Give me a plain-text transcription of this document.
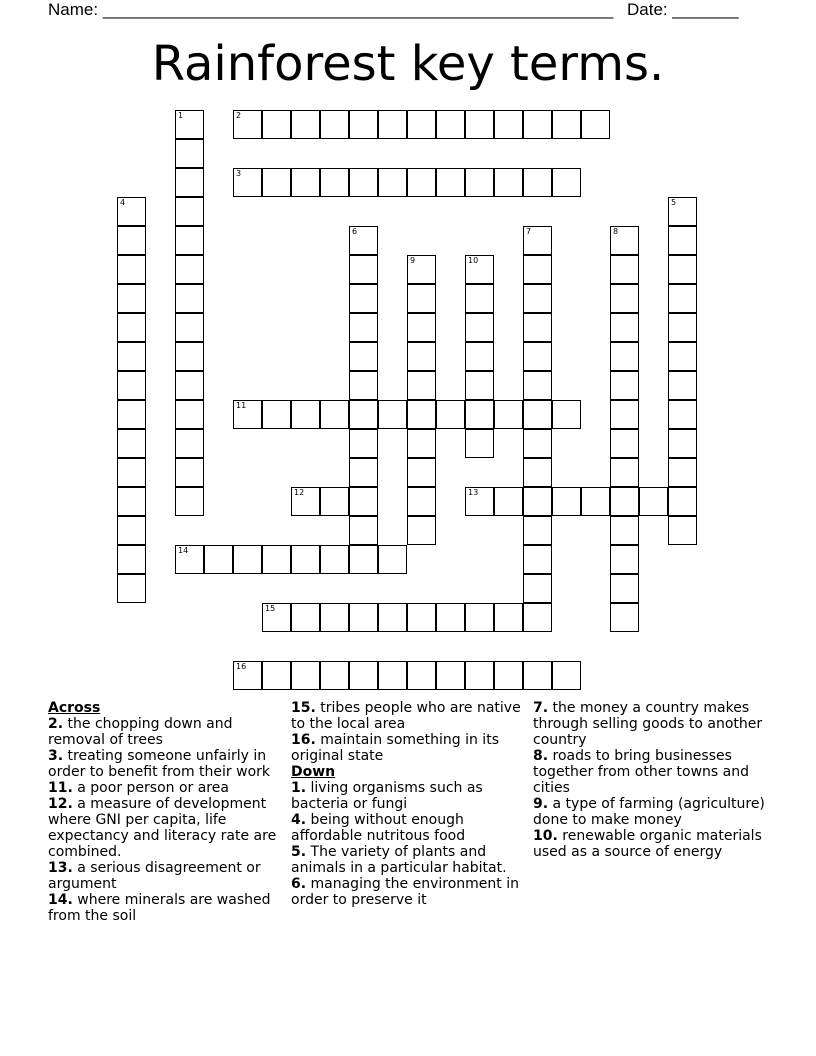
Name: ______________________________________________________ Date: _______
Rainforest key terms.
1	2
3
4	5
6	7	8
9	10
11
12	13
14
15
16
Across
2. the chopping down and removal of trees
3. treating someone unfairly in order to benefit from their work
11. a poor person or area
12. a measure of development where GNI per capita, life expectancy and literacy rate are combined.
13. a serious disagreement or argument
14. where minerals are washed from the soil
15. tribes people who are native to the local area
16. maintain something in its original state
Down
1. living organisms such as bacteria or fungi
4. being without enough affordable nutritous food
5. The variety of plants and animals in a particular habitat.
6. managing the environment in order to preserve it
7. the money a country makes through selling goods to another country
8. roads to bring businesses together from other towns and cities
9. a type of farming (agriculture) done to make money
10. renewable organic materials used as a source of energy
